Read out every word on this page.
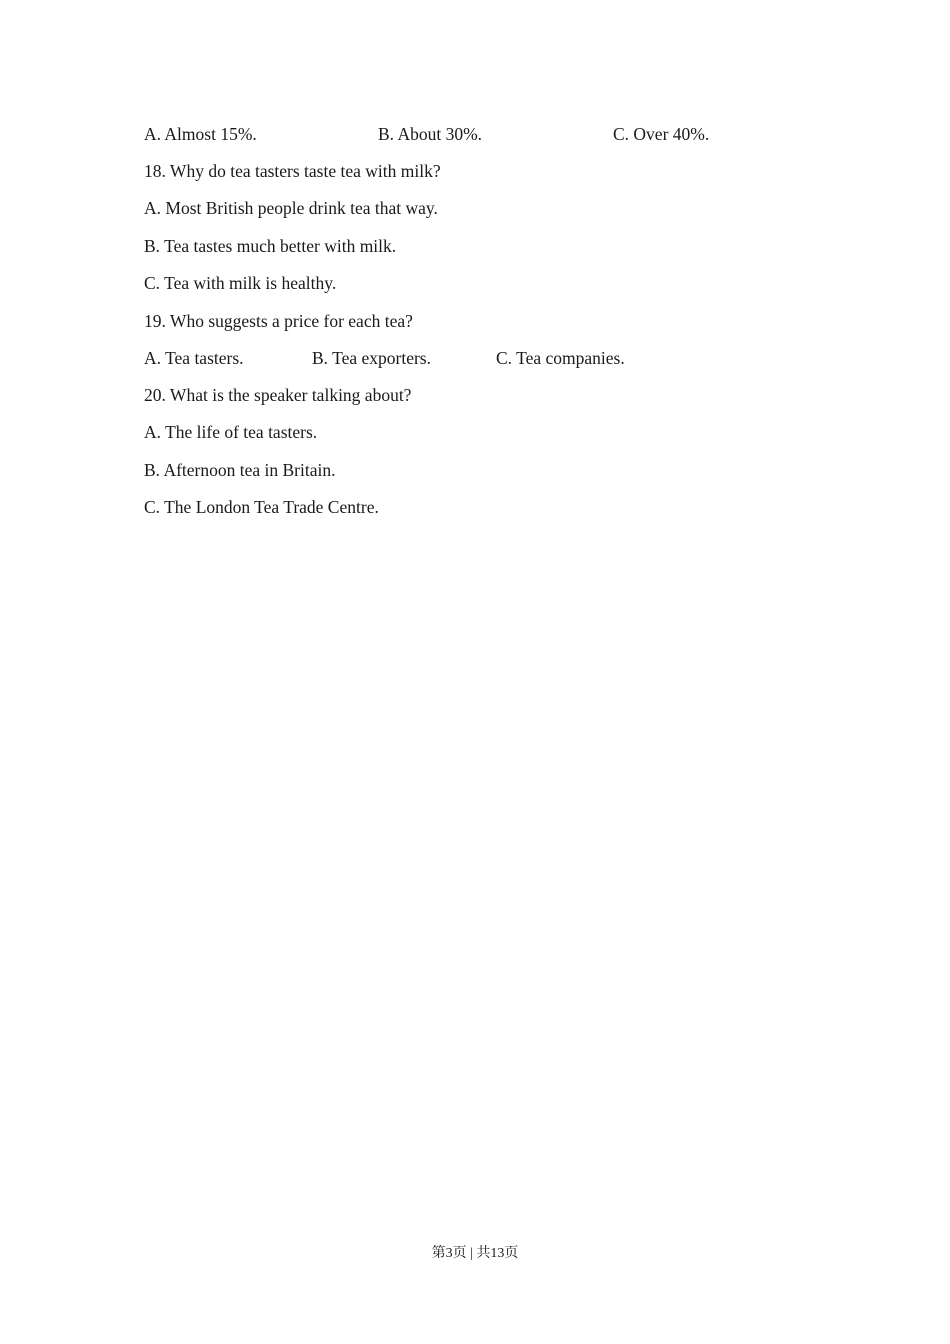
A. Almost 15%.	B. About 30%.	C. Over 40%.
18. Why do tea tasters taste tea with milk?
A. Most British people drink tea that way.
B. Tea tastes much better with milk.
C. Tea with milk is healthy.
19. Who suggests a price for each tea?
A. Tea tasters.	B. Tea exporters.	C. Tea companies.
20. What is the speaker talking about?
A. The life of tea tasters.
B. Afternoon tea in Britain.
C. The London Tea Trade Centre.
第3页 | 共13页
